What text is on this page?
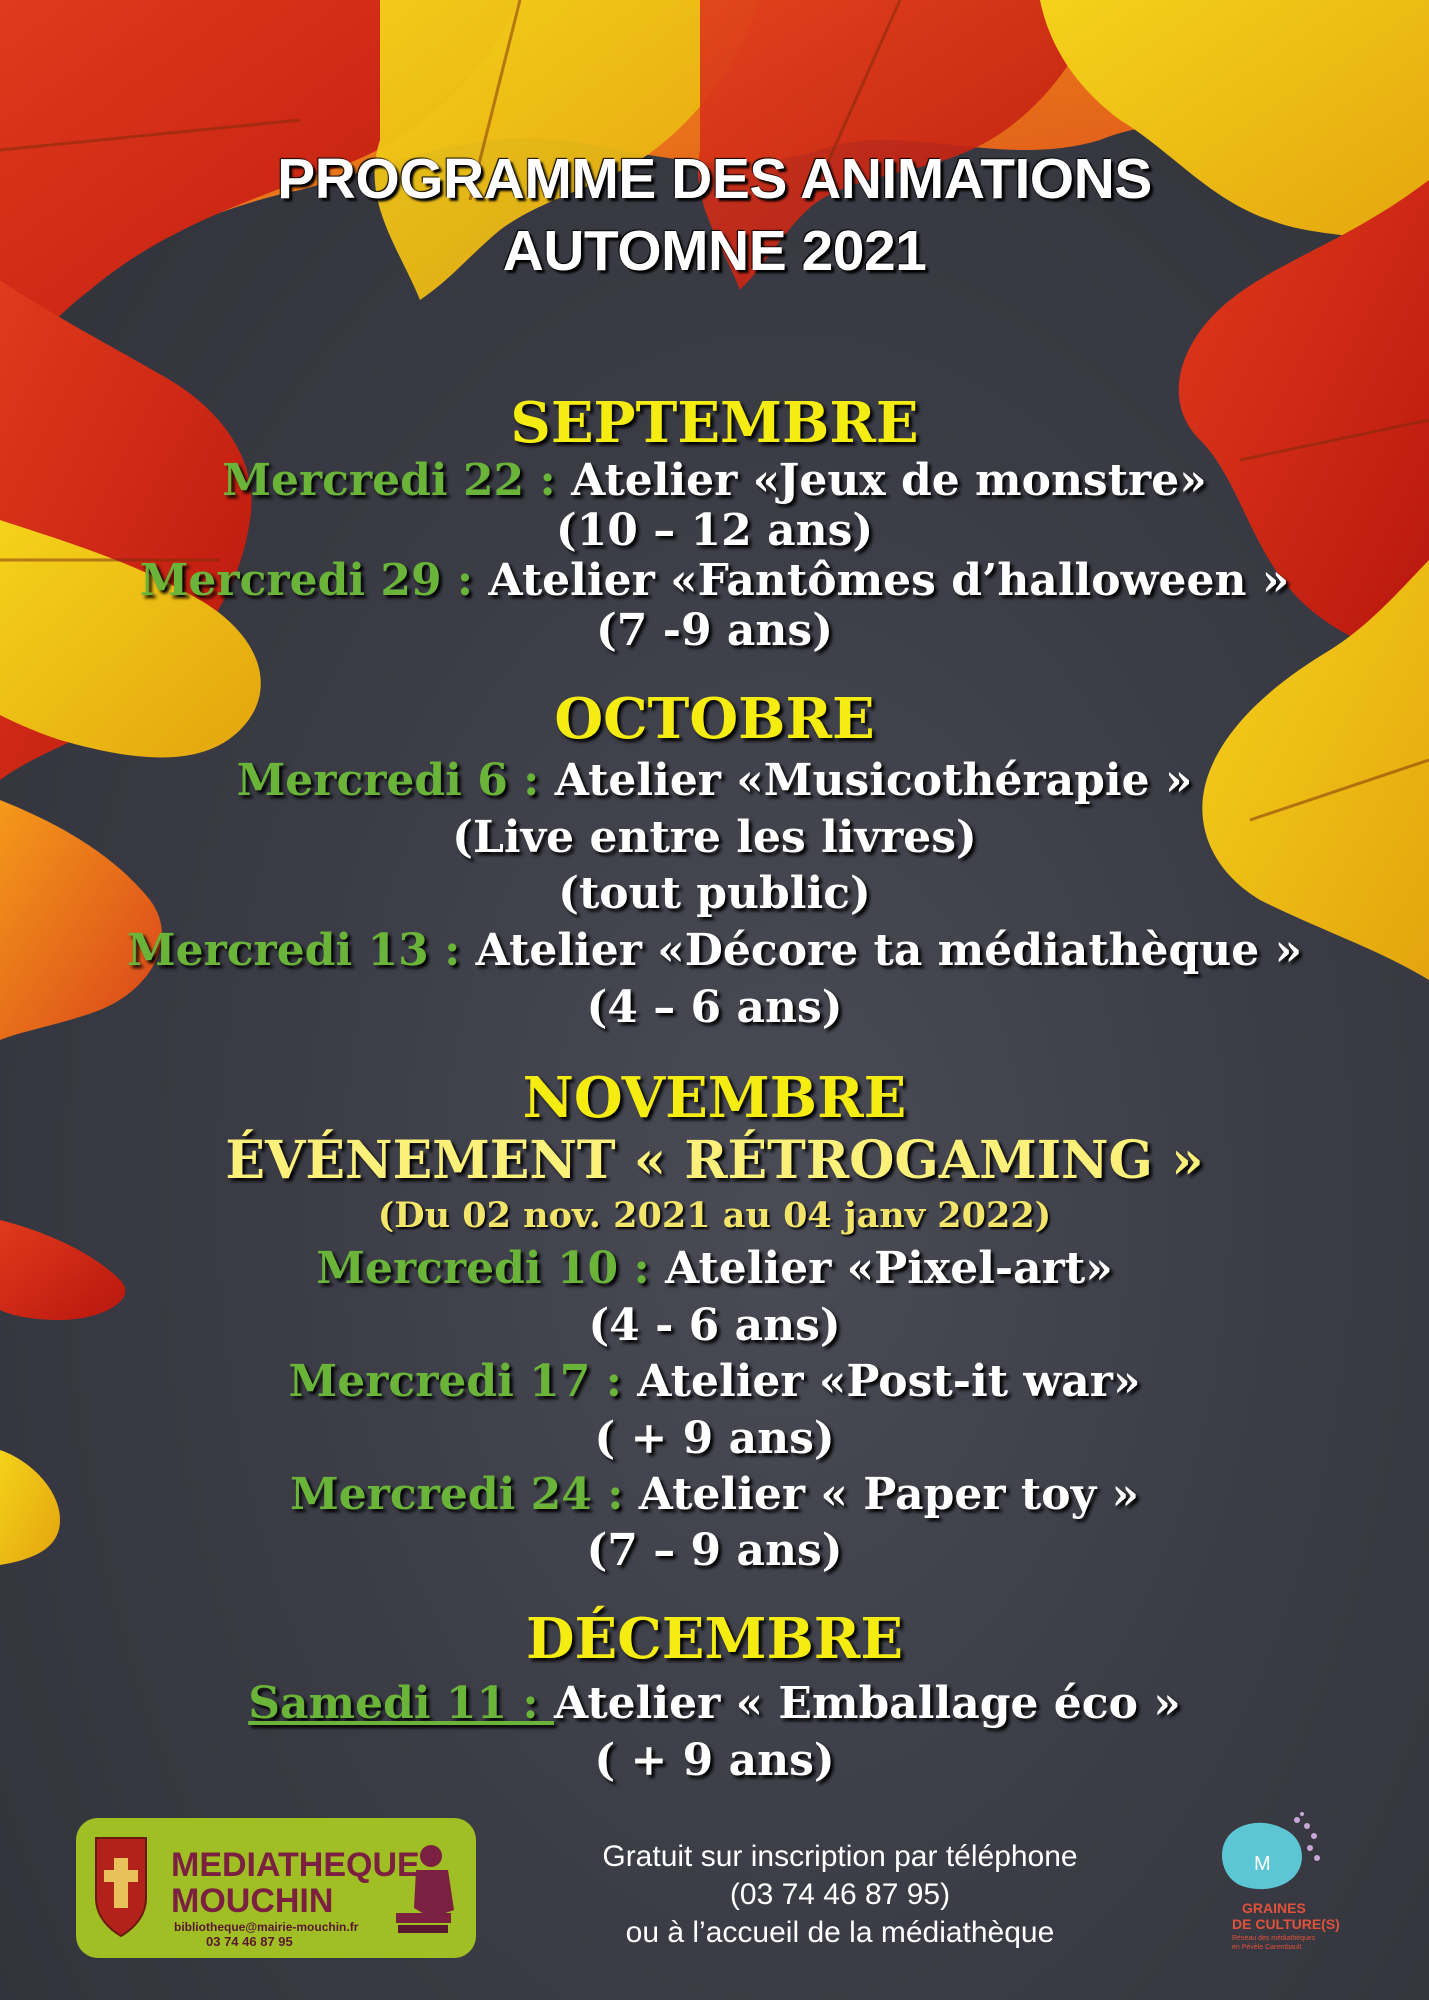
PROGRAMME DES ANIMATIONS
AUTOMNE 2021
SEPTEMBRE
Mercredi 22 : Atelier «Jeux de monstre»
(10 – 12 ans)
Mercredi 29 : Atelier «Fantômes d’halloween »
(7 -9 ans)
OCTOBRE
Mercredi 6 : Atelier «Musicothérapie »
(Live entre les livres)
(tout public)
Mercredi 13 : Atelier «Décore ta médiathèque »
(4 – 6 ans)
NOVEMBRE
ÉVÉNEMENT « RÉTROGAMING »
(Du 02 nov. 2021 au 04 janv 2022)
Mercredi 10 : Atelier «Pixel-art»
(4 - 6 ans)
Mercredi 17 : Atelier «Post-it war»
( + 9 ans)
Mercredi 24 : Atelier « Paper toy »
(7 – 9 ans)
DÉCEMBRE
Samedi 11 : Atelier « Emballage éco »
( + 9 ans)
Gratuit sur inscription par téléphone
(03 74 46 87 95)
ou à l’accueil de la médiathèque
MEDIATHEQUE
MOUCHIN
bibliotheque@mairie-mouchin.fr
03 74 46 87 95
M
GRAINES
DE CULTURE(S)
Réseau des médiathèques
en Pévèle Carembault
